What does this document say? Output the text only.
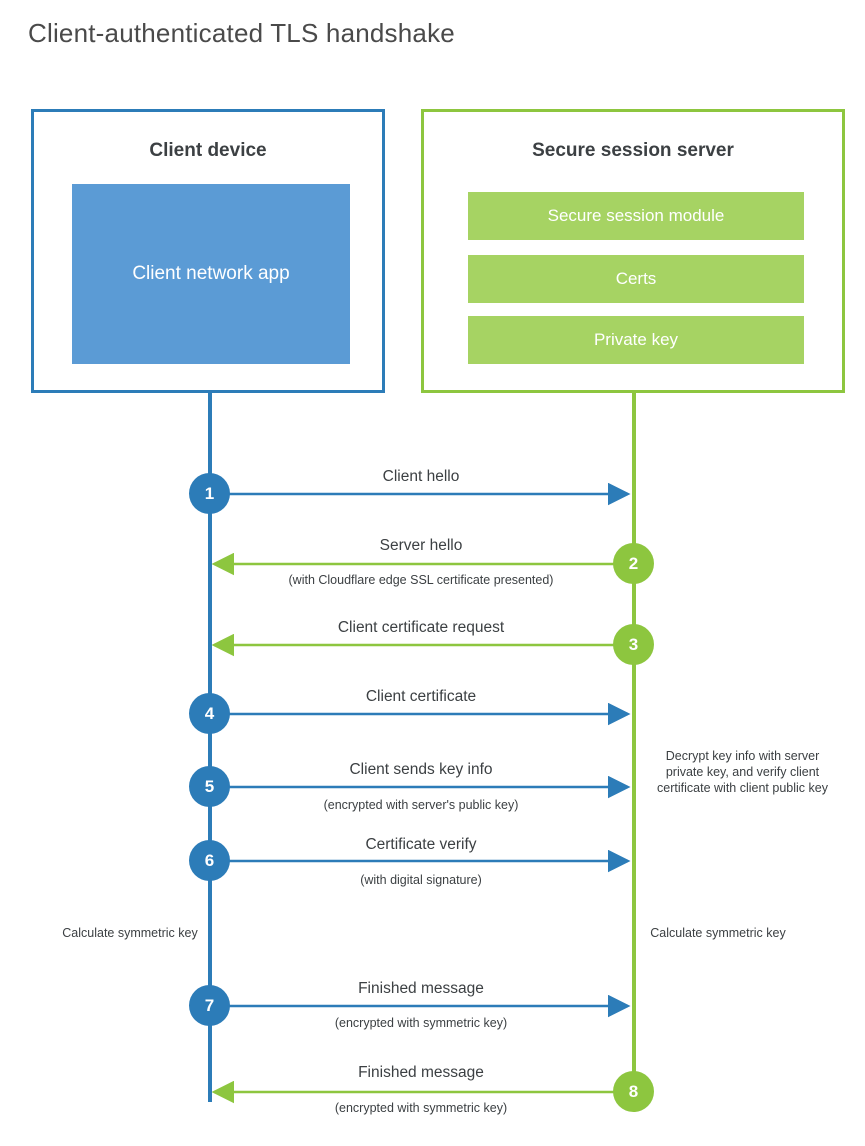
Client-authenticated TLS handshake
Client device
Client network app
Secure session server
Secure session module
Certs
Private key
Client hello
Server hello
(with Cloudflare edge SSL certificate presented)
Client certificate request
Client certificate
Client sends key info
(encrypted with server's public key)
Certificate verify
(with digital signature)
Finished message
(encrypted with symmetric key)
Finished message
(encrypted with symmetric key)
Decrypt key info with server private key, and verify client certificate with client public key
Calculate symmetric key	Calculate symmetric key
1
2
3
4
5
6
7
8
